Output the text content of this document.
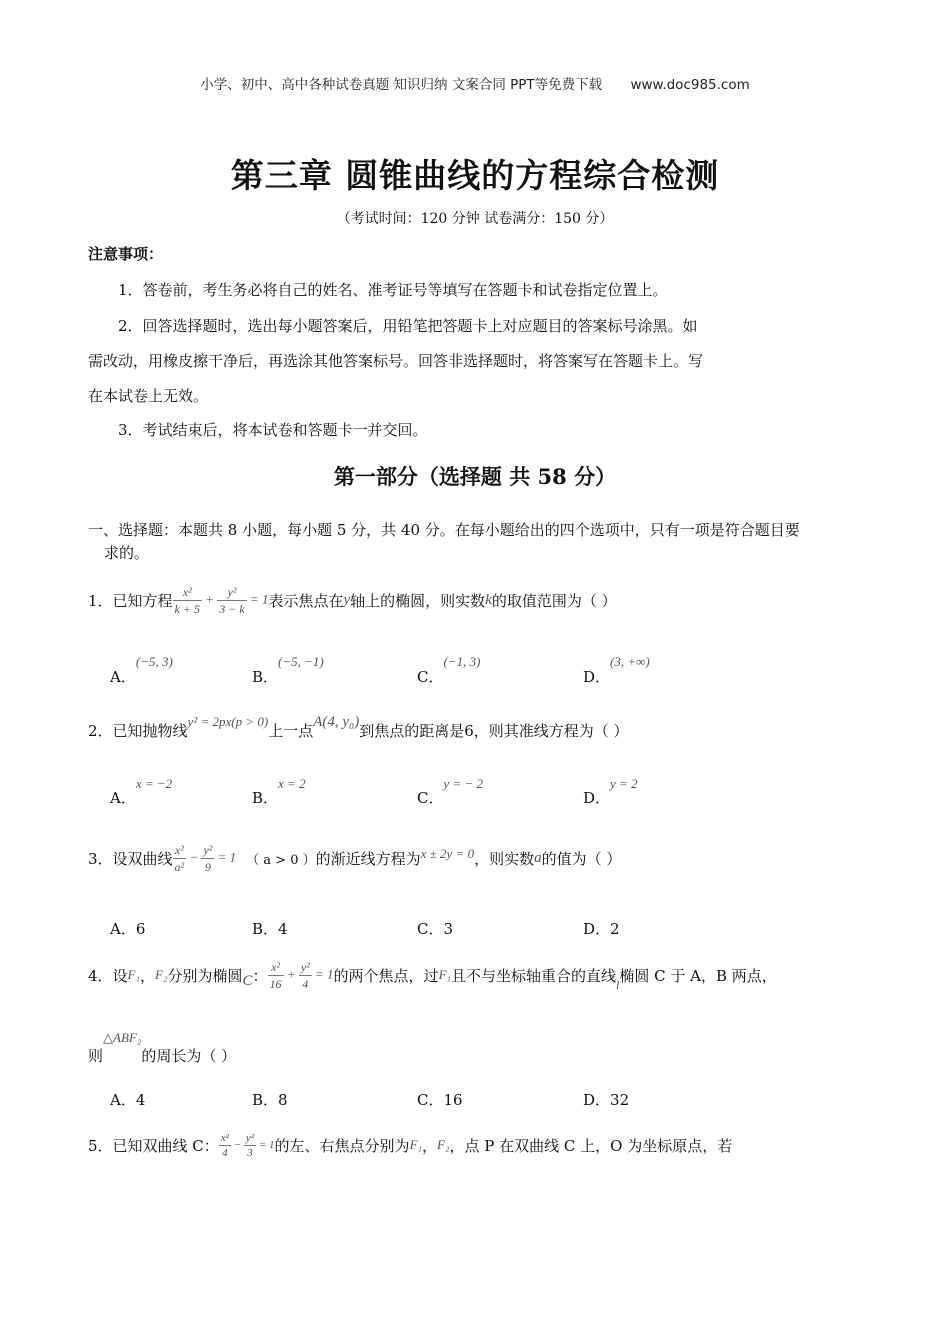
小学、初中、高中各种试卷真题 知识归纳 文案合同 PPT等免费下载 www.doc985.com
第三章 圆锥曲线的方程综合检测
（考试时间：120 分钟 试卷满分：150 分）
注意事项：
1．答卷前，考生务必将自己的姓名、准考证号等填写在答题卡和试卷指定位置上。
2．回答选择题时，选出每小题答案后，用铅笔把答题卡上对应题目的答案标号涂黑。如
需改动，用橡皮擦干净后，再选涂其他答案标号。回答非选择题时，将答案写在答题卡上。写
在本试卷上无效。
3．考试结束后，将本试卷和答题卡一并交回。
第一部分（选择题 共 58 分）
一、选择题：本题共 8 小题，每小题 5 分，共 40 分。在每小题给出的四个选项中，只有一项是符合题目要
求的。
1．已知方程 $\frac{\text{x²}}{k + 5} + \frac{\text{y²}}{3 - k} = 1$ 表示焦点在 y 轴上的椭圆，则实数 k 的取值范围为（ ）
A．(−5, 3)
B．(−5, −1)
C．(−1, 3)
D．(3, +∞)
2．已知抛物线 y² = 2px(p > 0) 上一点 A(4, y₀) 到焦点的距离是6，则其准线方程为（ ）
A．x = −2
B．x = 2
C．y = − 2
D．y = 2
3．设双曲线 $\frac{\text{x²}}{\text{a²}} - \frac{\text{y²}}{9} = 1$ （ a > 0 ） 的渐近线方程为 x ± 2y = 0 ，则实数 a 的值为（ ）
A．6	B．4	C．3	D．2
4．设 F₁ ， F₂ 分别为椭圆 C ： $\frac{\text{x²}}{16} + \frac{\text{y²}}{4} = 1$ 的两个焦点，过 F₁ 且不与坐标轴重合的直线 l 椭圆 C 于 A，B 两点，
则
△ABF₂
的周长为（ ）
A．4	B．8	C．16	D．32
5．已知双曲线 C： $\frac{\text{x²}}{4} - \frac{\text{y²}}{3} = 1$ 的左、右焦点分别为 F₁ ， F₂ ，点 P 在双曲线 C 上，O 为坐标原点，若
